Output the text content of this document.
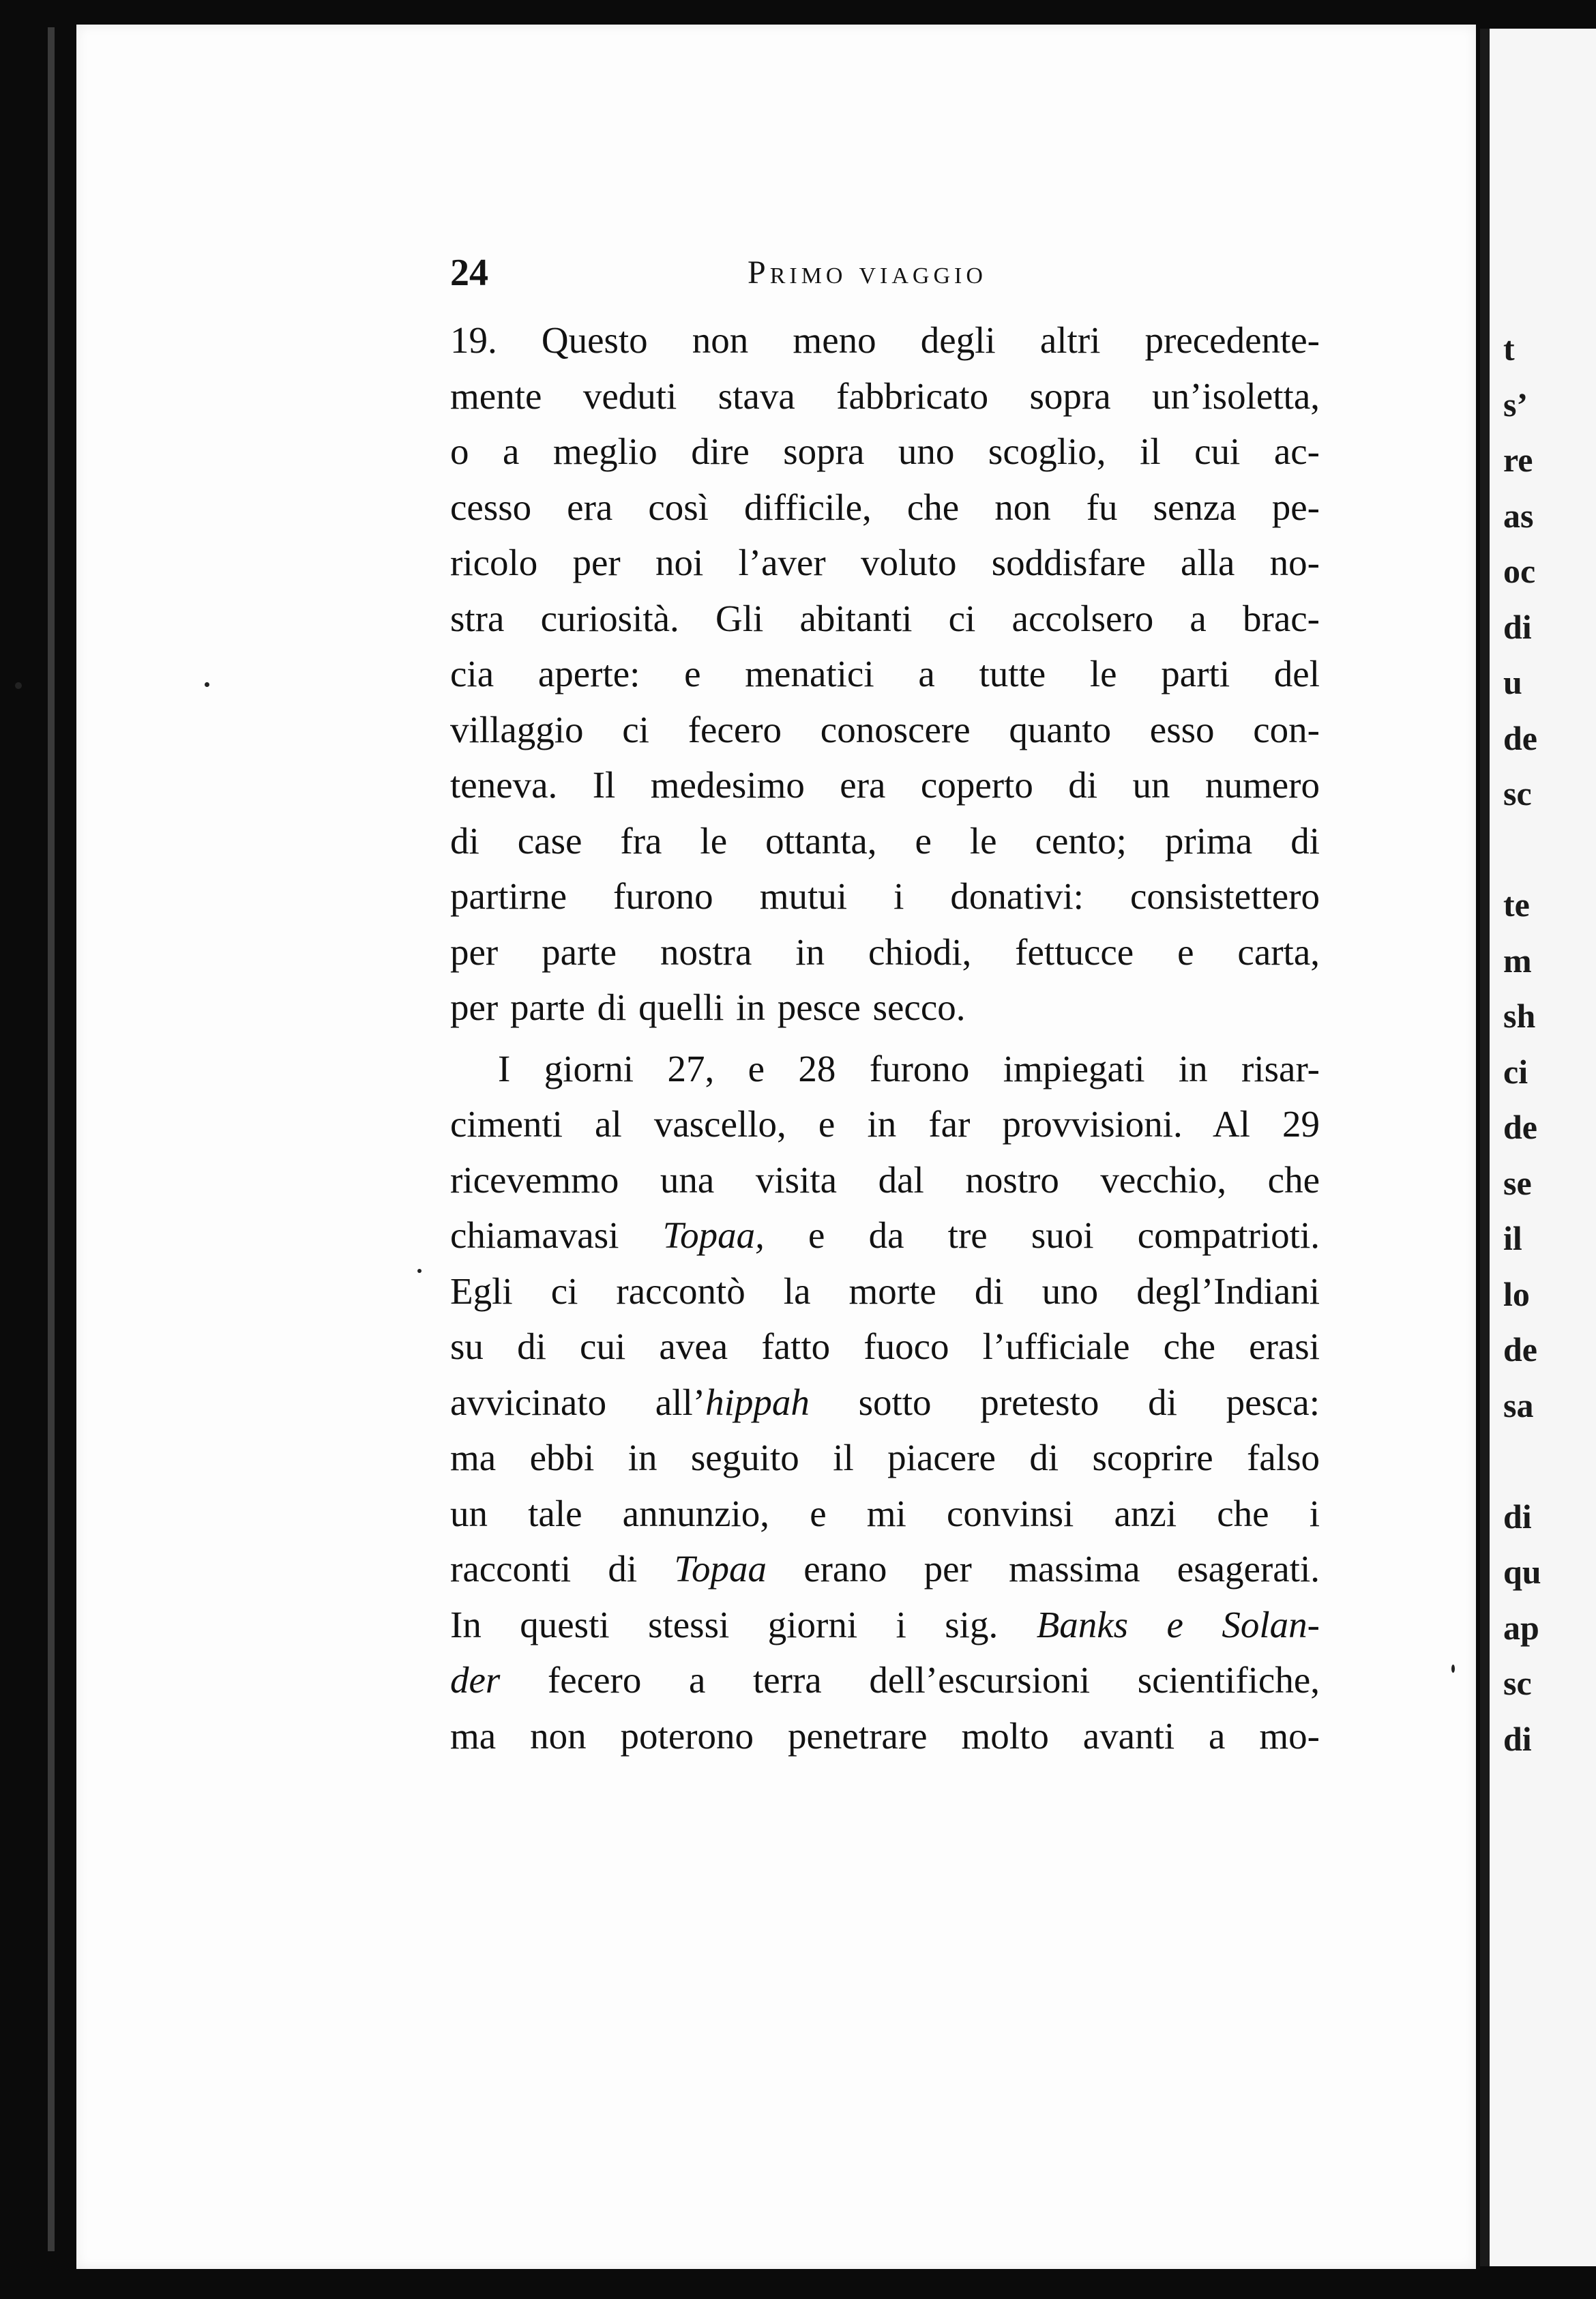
24	Primo viaggio
19. Questo non meno degli altri precedente-
mente veduti stava fabbricato sopra un’isoletta,
o a meglio dire sopra uno scoglio, il cui ac-
cesso era così difficile, che non fu senza pe-
ricolo per noi l’aver voluto soddisfare alla no-
stra curiosità. Gli abitanti ci accolsero a brac-
cia aperte: e menatici a tutte le parti del
villaggio ci fecero conoscere quanto esso con-
teneva. Il medesimo era coperto di un numero
di case fra le ottanta, e le cento; prima di
partirne furono mutui i donativi: consistettero
per parte nostra in chiodi, fettucce e carta,
per parte di quelli in pesce secco.
I giorni 27, e 28 furono impiegati in risar-
cimenti al vascello, e in far provvisioni. Al 29
ricevemmo una visita dal nostro vecchio, che
chiamavasi Topaa, e da tre suoi compatrioti.
Egli ci raccontò la morte di uno degl’Indiani
su di cui avea fatto fuoco l’ufficiale che erasi
avvicinato all’hippah sotto pretesto di pesca:
ma ebbi in seguito il piacere di scoprire falso
un tale annunzio, e mi convinsi anzi che i
racconti di Topaa erano per massima esagerati.
In questi stessi giorni i sig. Banks e Solan-
der fecero a terra dell’escursioni scientifiche,
ma non poterono penetrare molto avanti a mo-
t
s’
re
as
oc
di
u
de
sc
te
m
sh
ci
de
se
il
lo
de
sa
di
qu
ap
sc
di
